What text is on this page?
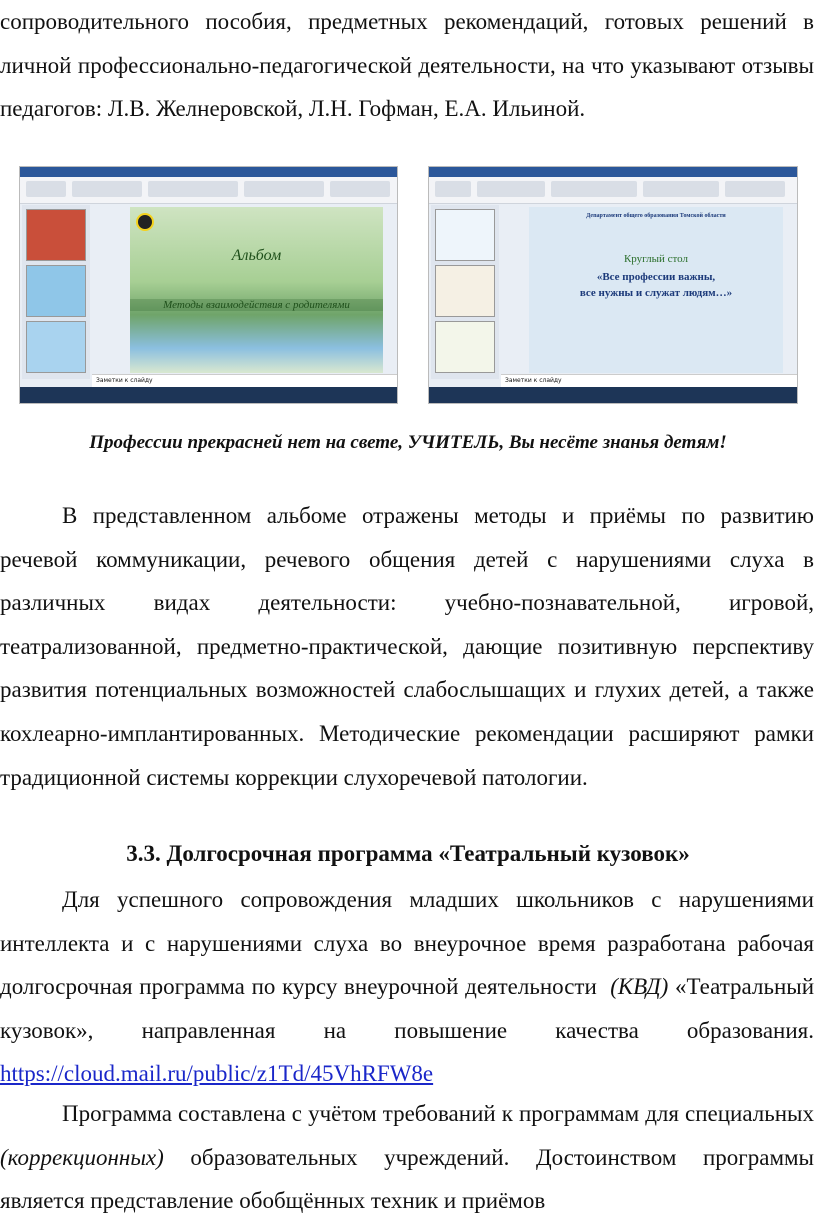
сопроводительного пособия, предметных рекомендаций, готовых решений в личной профессионально-педагогической деятельности, на что указывают отзывы педагогов: Л.В. Желнеровской, Л.Н. Гофман, Е.А. Ильиной.

Альбом
Методы взаимодействия с родителями
Заметки к слайду
Департамент общего образования Томской области
Круглый стол
«Все профессии важны,
все нужны и служат людям…»
Заметки к слайду

Профессии прекрасней нет на свете, УЧИТЕЛЬ, Вы несёте знанья детям!

В представленном альбоме отражены методы и приёмы по развитию речевой коммуникации, речевого общения детей с нарушениями слуха в различных видах деятельности: учебно-познавательной, игровой, театрализованной, предметно-практической, дающие позитивную перспективу развития потенциальных возможностей слабослышащих и глухих детей, а также кохлеарно-имплантированных. Методические рекомендации расширяют рамки традиционной системы коррекции слухоречевой патологии.

3.3. Долгосрочная программа «Театральный кузовок»

Для успешного сопровождения младших школьников с нарушениями интеллекта и с нарушениями слуха во внеурочное время разработана рабочая долгосрочная программа по курсу внеурочной деятельности (КВД) «Театральный кузовок», направленная на повышение качества образования. https://cloud.mail.ru/public/z1Td/45VhRFW8e

Программа составлена с учётом требований к программам для специальных (коррекционных) образовательных учреждений. Достоинством программы является представление обобщённых техник и приёмов
